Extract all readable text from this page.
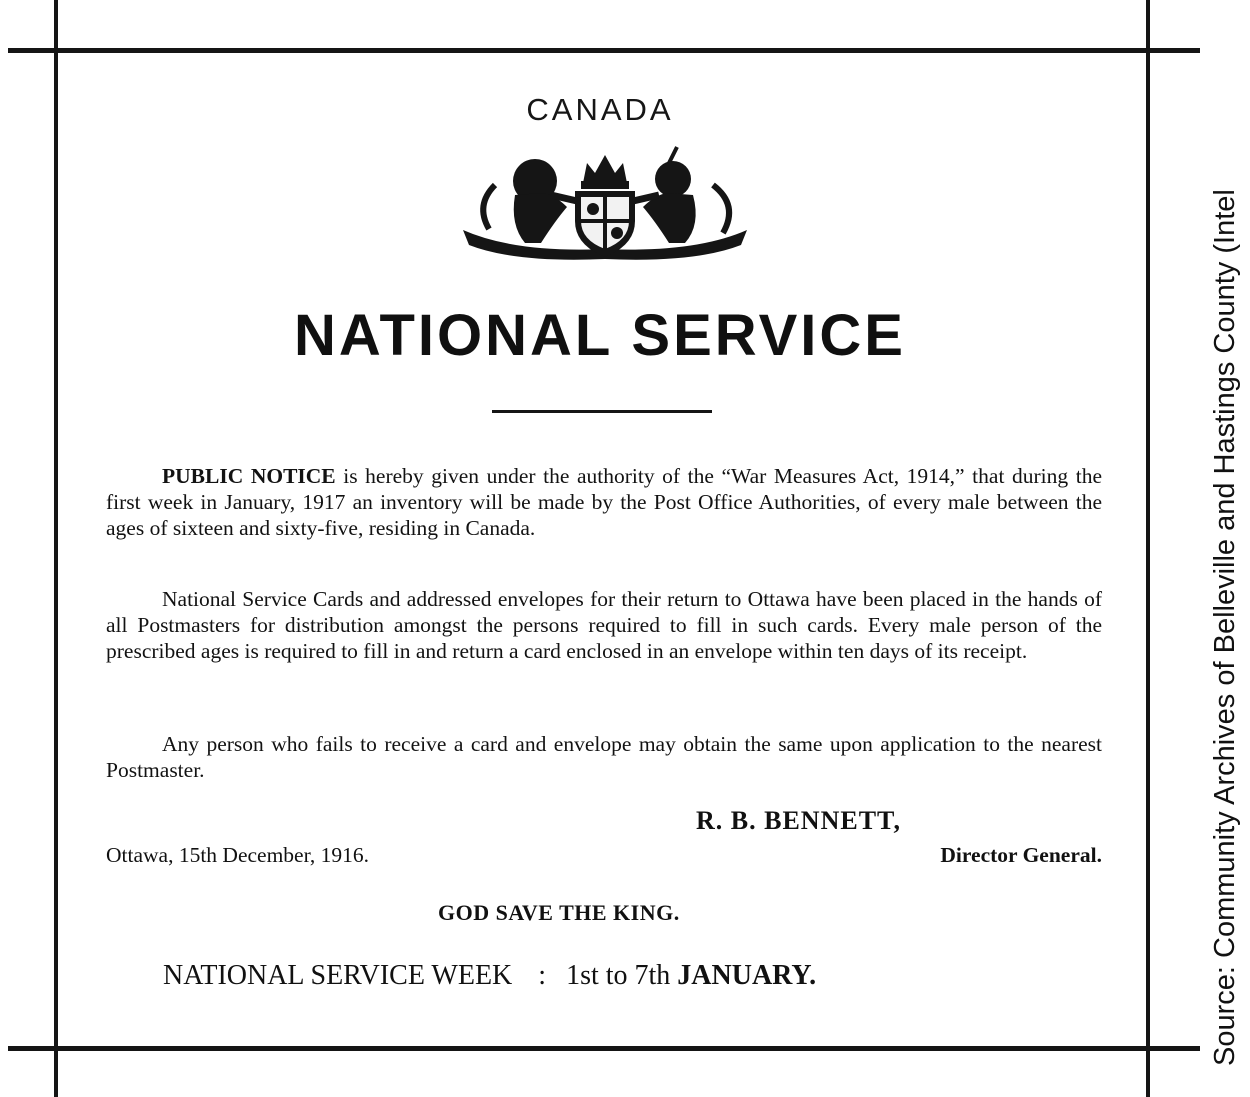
CANADA
NATIONAL SERVICE

PUBLIC NOTICE is hereby given under the authority of the “War Measures Act, 1914,” that during the first week in January, 1917 an inventory will be made by the Post Office Authorities, of every male between the ages of sixteen and sixty-five, residing in Canada.

National Service Cards and addressed envelopes for their return to Ottawa have been placed in the hands of all Postmasters for distribution amongst the persons required to fill in such cards. Every male person of the prescribed ages is required to fill in and return a card enclosed in an envelope within ten days of its receipt.

Any person who fails to receive a card and envelope may obtain the same upon application to the nearest Postmaster.

R. B. BENNETT,
Ottawa, 15th December, 1916.	Director General.
GOD SAVE THE KING.
NATIONAL SERVICE WEEK : 1st to 7th JANUARY.	Source: Community Archives of Belleville and Hastings County (Intel
